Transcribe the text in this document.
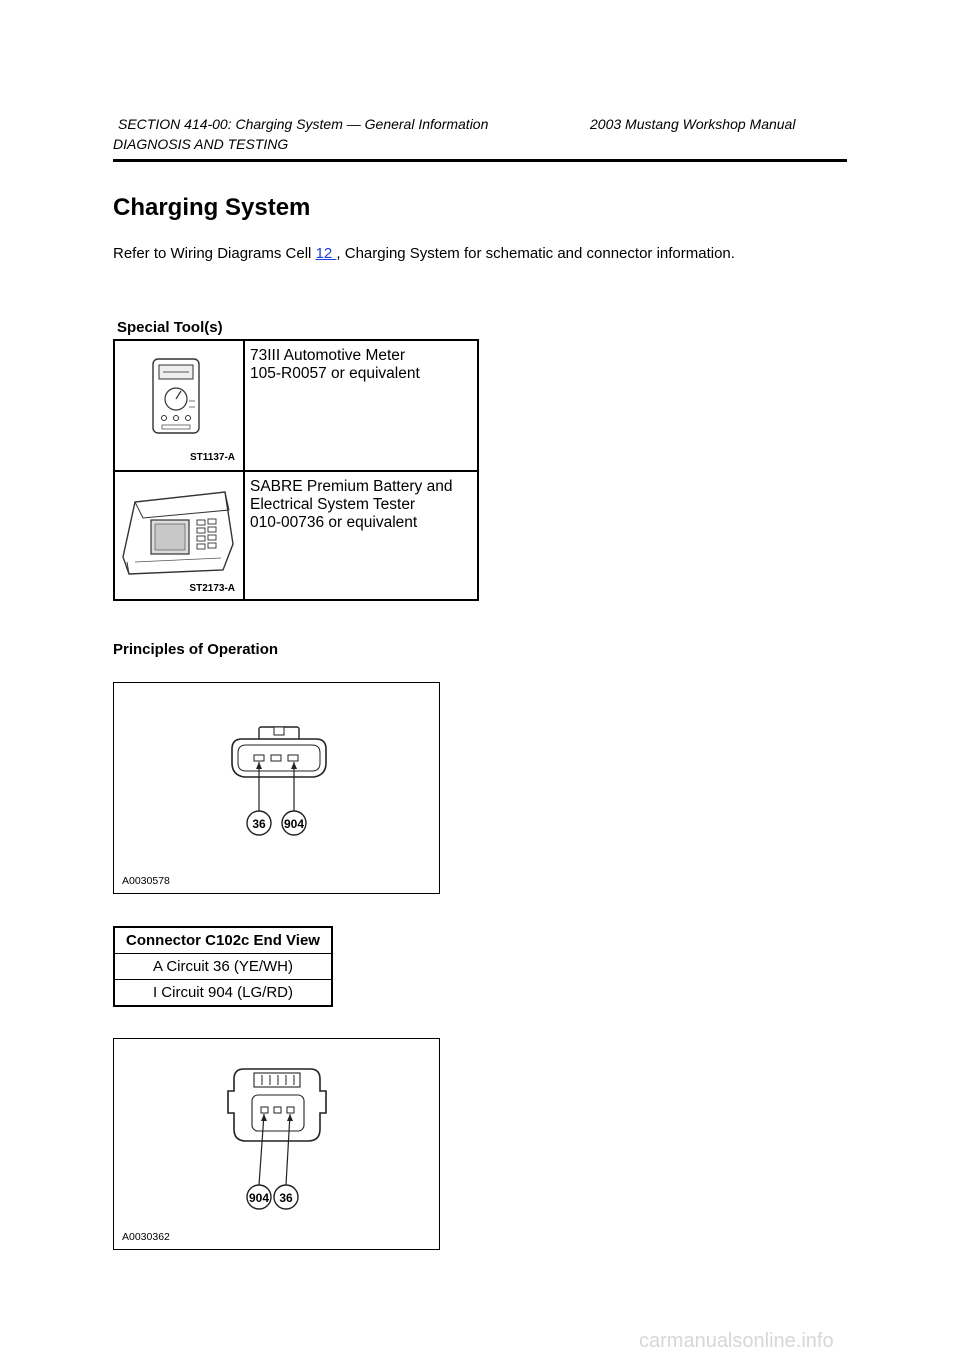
SECTION 414-00: Charging System — General Information	2003 Mustang Workshop Manual
DIAGNOSIS AND TESTING
Charging System
Refer to Wiring Diagrams Cell 12 , Charging System for schematic and connector information.
Special Tool(s)
ST1137-A
73III Automotive Meter
105-R0057 or equivalent
ST2173-A
SABRE Premium Battery and
Electrical System Tester
010-00736 or equivalent
Principles of Operation
36 904
A0030578
Connector C102c End View
A Circuit 36 (YE/WH)
I Circuit 904 (LG/RD)
904 36
A0030362
carmanualsonline.info
